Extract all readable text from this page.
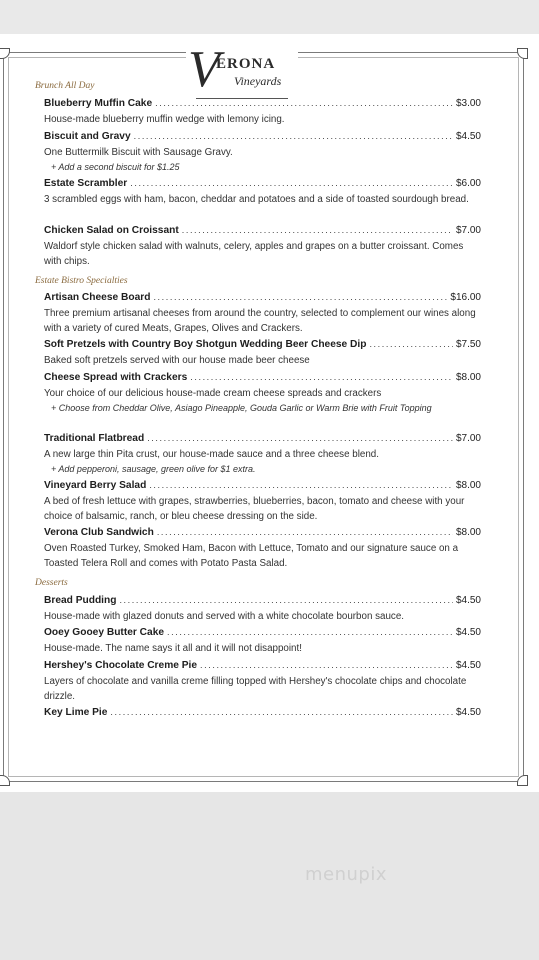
V
ERONA
Vineyards
Brunch All Day
Blueberry Muffin Cake .....	$3.00
House-made blueberry muffin wedge with lemony icing.
Biscuit and Gravy .....	$4.50
One Buttermilk Biscuit with Sausage Gravy.
+ Add a second biscuit for $1.25
Estate Scrambler .....	$6.00
3 scrambled eggs with ham, bacon, cheddar and potatoes and a side of toasted sourdough bread.
Chicken Salad on Croissant .....	$7.00
Waldorf style chicken salad with walnuts, celery, apples and grapes on a butter croissant. Comes with chips.
Estate Bistro Specialties
Artisan Cheese Board .....	$16.00
Three premium artisanal cheeses from around the country, selected to complement our wines along with a variety of cured Meats, Grapes, Olives and Crackers.
Soft Pretzels with Country Boy Shotgun Wedding Beer Cheese Dip .....	$7.50
Baked soft pretzels served with our house made beer cheese
Cheese Spread with Crackers .....	$8.00
Your choice of our delicious house-made cream cheese spreads and crackers
+ Choose from Cheddar Olive, Asiago Pineapple, Gouda Garlic or Warm Brie with Fruit Topping
Traditional Flatbread .....	$7.00
A new large thin Pita crust, our house-made sauce and a three cheese blend.
+ Add pepperoni, sausage, green olive for $1 extra.
Vineyard Berry Salad .....	$8.00
A bed of fresh lettuce with grapes, strawberries, blueberries, bacon, tomato and cheese with your choice of balsamic, ranch, or bleu cheese dressing on the side.
Verona Club Sandwich .....	$8.00
Oven Roasted Turkey, Smoked Ham, Bacon with Lettuce, Tomato and our signature sauce on a Toasted Telera Roll and comes with Potato Pasta Salad.
Desserts
Bread Pudding .....	$4.50
House-made with glazed donuts and served with a white chocolate bourbon sauce.
Ooey Gooey Butter Cake .....	$4.50
House-made. The name says it all and it will not disappoint!
Hershey's Chocolate Creme Pie .....	$4.50
Layers of chocolate and vanilla creme filling topped with Hershey's chocolate chips and chocolate drizzle.
Key Lime Pie .....	$4.50
menupix
